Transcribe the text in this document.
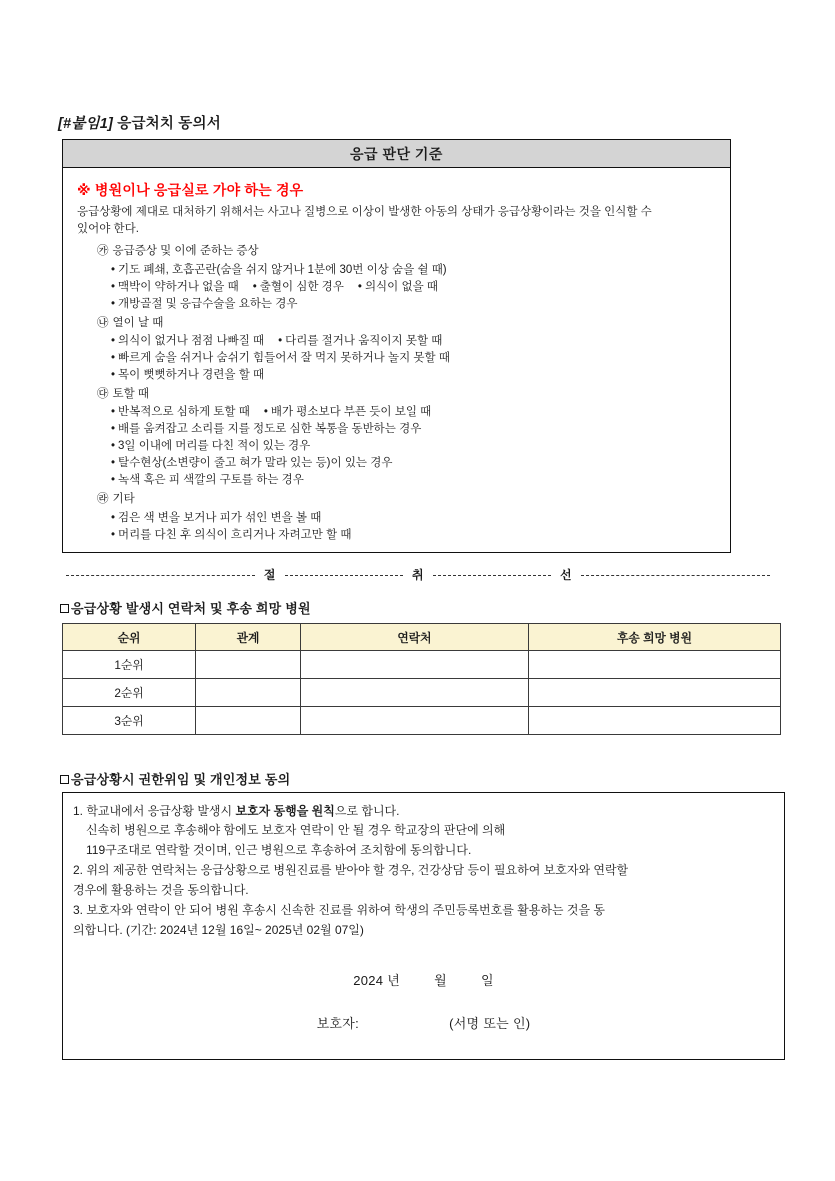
[#붙임1] 응급처치 동의서
응급 판단 기준
※ 병원이나 응급실로 가야 하는 경우
응급상황에 제대로 대처하기 위해서는 사고나 질병으로 이상이 발생한 아동의 상태가 응급상황이라는 것을 인식할 수
있어야 한다.
㉮ 응급증상 및 이에 준하는 증상
• 기도 폐쇄, 호흡곤란(숨을 쉬지 않거나 1분에 30번 이상 숨을 쉴 때)
• 맥박이 약하거나 없을 때 • 출혈이 심한 경우 • 의식이 없을 때
• 개방골절 및 응급수술을 요하는 경우
㉯ 열이 날 때
• 의식이 없거나 점점 나빠질 때 • 다리를 절거나 움직이지 못할 때
• 빠르게 숨을 쉬거나 숨쉬기 힘들어서 잘 먹지 못하거나 놀지 못할 때
• 목이 뻣뻣하거나 경련을 할 때
㉰ 토할 때
• 반복적으로 심하게 토할 때 • 배가 평소보다 부픈 듯이 보일 때
• 배를 움켜잡고 소리를 지를 정도로 심한 복통을 동반하는 경우
• 3일 이내에 머리를 다친 적이 있는 경우
• 탈수현상(소변량이 줄고 혀가 말라 있는 등)이 있는 경우
• 녹색 혹은 피 색깔의 구토를 하는 경우
㉱ 기타
• 검은 색 변을 보거나 피가 섞인 변을 볼 때
• 머리를 다친 후 의식이 흐리거나 자려고만 할 때
절	취	선
응급상황 발생시 연락처 및 후송 희망 병원
순위	관계	연락처	후송 희망 병원
1순위			
2순위			
3순위			
응급상황시 권한위임 및 개인정보 동의
1. 학교내에서 응급상황 발생시 보호자 동행을 원칙으로 합니다.
신속히 병원으로 후송해야 함에도 보호자 연락이 안 될 경우 학교장의 판단에 의해
119구조대로 연락할 것이며, 인근 병원으로 후송하여 조치함에 동의합니다.
2. 위의 제공한 연락처는 응급상황으로 병원진료를 받아야 할 경우, 건강상담 등이 필요하여 보호자와 연락할
경우에 활용하는 것을 동의합니다.
3. 보호자와 연락이 안 되어 병원 후송시 신속한 진료를 위하여 학생의 주민등록번호를 활용하는 것을 동
의합니다. (기간: 2024년 12월 16일~ 2025년 02월 07일)
2024 년	월	일
보호자:	(서명 또는 인)
